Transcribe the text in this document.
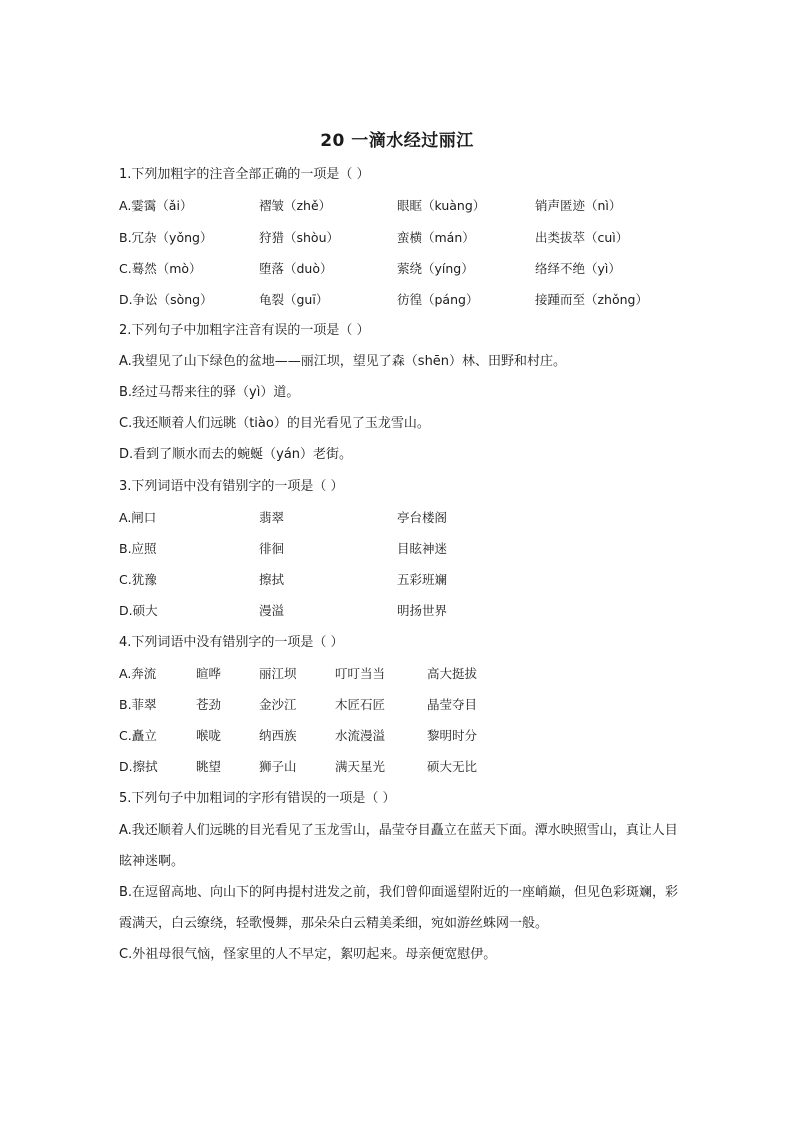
20 一滴水经过丽江
1.下列加粗字的注音全部正确的一项是（ ）
A.霎霭（ǎi）	褶皱（zhě）	眼眶（kuàng）	销声匿迹（nì）
B.冗杂（yǒng）	狩猎（shòu）	蛮横（mán）	出类拔萃（cuì）
C.蓦然（mò）	堕落（duò）	萦绕（yíng）	络绎不绝（yì）
D.争讼（sòng）	龟裂（guī）	彷徨（páng）	接踵而至（zhǒng）
2.下列句子中加粗字注音有误的一项是（ ）
A.我望见了山下绿色的盆地——丽江坝，望见了森（shēn）林、田野和村庄。
B.经过马帮来往的驿（yì）道。
C.我还顺着人们远眺（tiào）的目光看见了玉龙雪山。
D.看到了顺水而去的蜿蜒（yán）老街。
3.下列词语中没有错别字的一项是（ ）
A.闸口	翡翠	亭台楼阁
B.应照	徘徊	目眩神迷
C.犹豫	擦拭	五彩班斓
D.硕大	漫溢	明扬世界
4.下列词语中没有错别字的一项是（ ）
A.奔流	暄哗	丽江坝	叮叮当当	高大挺拔
B.菲翠	苍劲	金沙江	木匠石匠	晶莹夺目
C.矗立	喉咙	纳西族	水流漫溢	黎明时分
D.擦拭	眺望	狮子山	满天星光	硕大无比
5.下列句子中加粗词的字形有错误的一项是（ ）
A.我还顺着人们远眺的目光看见了玉龙雪山，晶莹夺目矗立在蓝天下面。潭水映照雪山，真让人目眩神迷啊。
B.在逗留高地、向山下的阿冉提村进发之前，我们曾仰面遥望附近的一座峭巅，但见色彩斑斓，彩霞满天，白云缭绕，轻歌慢舞，那朵朵白云精美柔细，宛如游丝蛛网一般。
C.外祖母很气恼，怪家里的人不早定，絮叨起来。母亲便宽慰伊。
